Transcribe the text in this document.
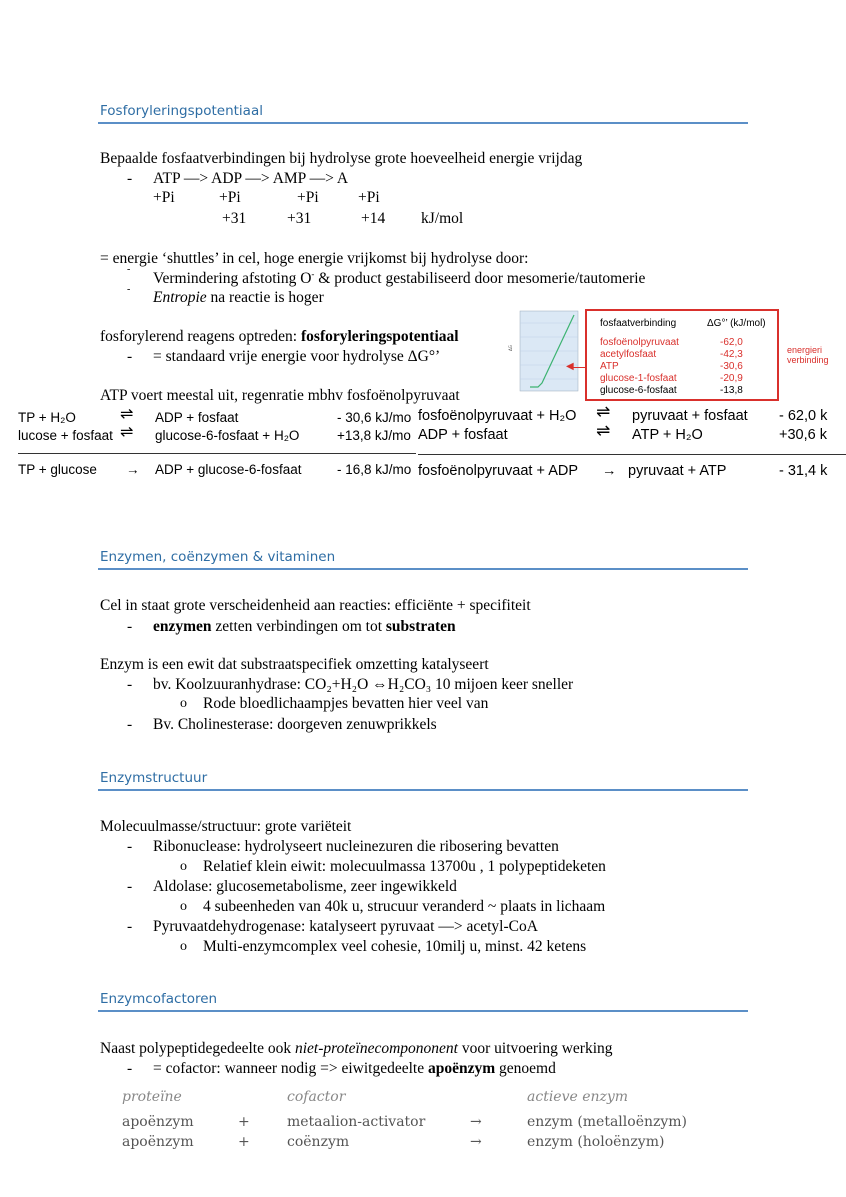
Fosforyleringspotentiaal
Bepaalde fosfaatverbindingen bij hydrolyse grote hoeveelheid energie vrijdag
- ATP —> ADP —> AMP —> A
+Pi	+Pi	+Pi	+Pi
+31	+31	+14 kJ/mol
= energie ‘shuttles’ in cel, hoge energie vrijkomst bij hydrolyse door:
-
Vermindering afstoting O- & product gestabiliseerd door mesomerie/tautomerie
- Entropie na reactie is hoger
fosforylerend reagens optreden: fosforyleringspotentiaal
- = standaard vrije energie voor hydrolyse ΔG°’
ATP voert meestal uit, regenratie mbhv fosfoënolpyruvaat
ΔG
fosfaatverbinding	ΔG°’ (kJ/mol)
fosfoënolpyruvaat	-62,0
acetylfosfaat	-42,3
ATP	-30,6
glucose-1-fosfaat	-20,9
glucose-6-fosfaat	-13,8
◀
energieri
verbinding
TP + H₂O	⇌ ADP + fosfaat	- 30,6 kJ/mo
lucose + fosfaat ⇌ glucose-6-fosfaat + H₂O	+13,8 kJ/mo
TP + glucose → ADP + glucose-6-fosfaat	- 16,8 kJ/mo
fosfoënolpyruvaat + H₂O ⇌ pyruvaat + fosfaat - 62,0 k
ADP + fosfaat	⇌ ATP + H₂O	+30,6 k
fosfoënolpyruvaat + ADP → pyruvaat + ATP	- 31,4 k
Enzymen, coënzymen & vitaminen
Cel in staat grote verscheidenheid aan reacties: efficiënte + specifiteit
- enzymen zetten verbindingen om tot substraten
Enzym is een ewit dat substraatspecifiek omzetting katalyseert
- bv. Koolzuuranhydrase: CO₂+H₂O ⇔H₂CO₃ 10 mijoen keer sneller
o Rode bloedlichaampjes bevatten hier veel van
- Bv. Cholinesterase: doorgeven zenuwprikkels
Enzymstructuur
Molecuulmasse/structuur: grote variëteit
- Ribonuclease: hydrolyseert nucleinezuren die ribosering bevatten
o Relatief klein eiwit: molecuulmassa 13700u , 1 polypeptideketen
- Aldolase: glucosemetabolisme, zeer ingewikkeld
o 4 subeenheden van 40k u, strucuur veranderd ~ plaats in lichaam
- Pyruvaatdehydrogenase: katalyseert pyruvaat —> acetyl-CoA
o Multi-enzymcomplex veel cohesie, 10milj u, minst. 42 ketens
Enzymcofactoren
Naast polypeptidegedeelte ook niet-proteïnecompononent voor uitvoering werking
- = cofactor: wanneer nodig => eiwitgedeelte apoënzym genoemd
proteïne	cofactor	actieve enzym
apoënzym	+	metaalion-activator	→	enzym (metalloënzym)
apoënzym	+	coënzym	→	enzym (holoënzym)
